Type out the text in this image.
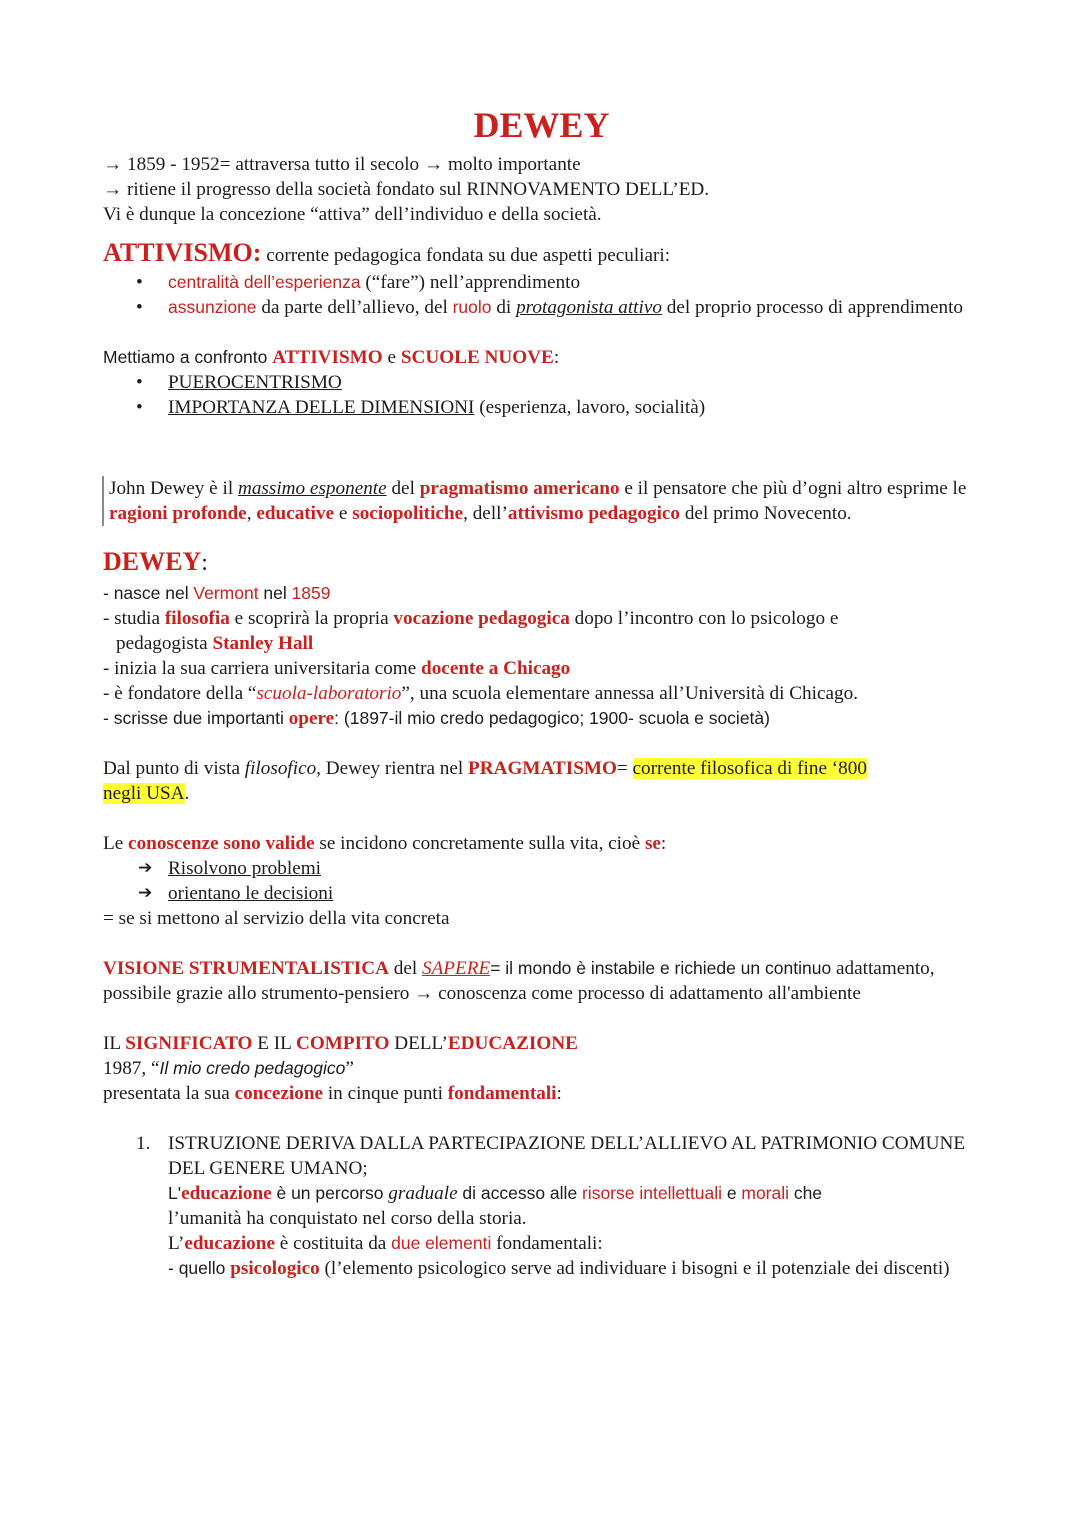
DEWEY

→ 1859 - 1952= attraversa tutto il secolo → molto importante

→ ritiene il progresso della società fondato sul RINNOVAMENTO DELL’ED.

Vi è dunque la concezione “attiva” dell’individuo e della società.

ATTIVISMO: corrente pedagogica fondata su due aspetti peculiari:

• centralità dell’esperienza (“fare”) nell’apprendimento
• assunzione da parte dell’allievo, del ruolo di protagonista attivo del proprio processo di apprendimento

Mettiamo a confronto ATTIVISMO e SCUOLE NUOVE:

• PUEROCENTRISMO
• IMPORTANZA DELLE DIMENSIONI (esperienza, lavoro, socialità)
John Dewey è il massimo esponente del pragmatismo americano e il pensatore che più d’ogni altro esprime le ragioni profonde, educative e sociopolitiche, dell’attivismo pedagogico del primo Novecento.

DEWEY:

- nasce nel Vermont nel 1859

- studia filosofia e scoprirà la propria vocazione pedagogica dopo l’incontro con lo psicologo e

pedagogista Stanley Hall

- inizia la sua carriera universitaria come docente a Chicago

- è fondatore della “scuola-laboratorio”, una scuola elementare annessa all’Università di Chicago.

- scrisse due importanti opere: (1897-il mio credo pedagogico; 1900- scuola e società)

Dal punto di vista filosofico, Dewey rientra nel PRAGMATISMO= corrente filosofica di fine ‘800
negli USA.

Le conoscenze sono valide se incidono concretamente sulla vita, cioè se:

➔ Risolvono problemi
➔ orientano le decisioni

= se si mettono al servizio della vita concreta

VISIONE STRUMENTALISTICA del SAPERE= il mondo è instabile e richiede un continuo adattamento, possibile grazie allo strumento-pensiero → conoscenza come processo di adattamento all'ambiente

IL SIGNIFICATO E IL COMPITO DELL’EDUCAZIONE

1987, “Il mio credo pedagogico”

presentata la sua concezione in cinque punti fondamentali:

1. ISTRUZIONE DERIVA DALLA PARTECIPAZIONE DELL’ALLIEVO AL PATRIMONIO COMUNE DEL GENERE UMANO;
L'educazione è un percorso graduale di accesso alle risorse intellettuali e morali che
l’umanità ha conquistato nel corso della storia.
L’educazione è costituita da due elementi fondamentali:
- quello psicologico (l’elemento psicologico serve ad individuare i bisogni e il potenziale dei discenti)
